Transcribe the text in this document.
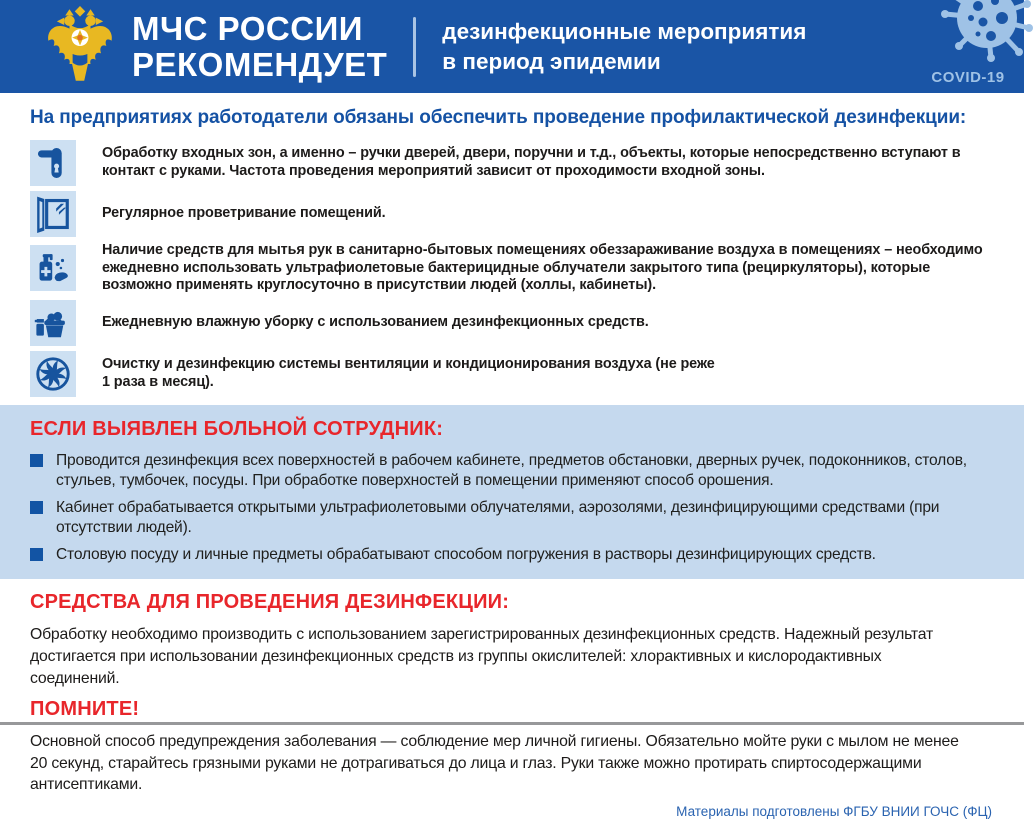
МЧС РОССИИ
РЕКОМЕНДУЕТ
дезинфекционные мероприятия
в период эпидемии
COVID-19
На предприятиях работодатели обязаны обеспечить проведение профилактической дезинфекции:
Обработку входных зон, а именно – ручки дверей, двери, поручни и т.д., объекты, которые непосредственно вступают в контакт с руками. Частота проведения мероприятий зависит от проходимости входной зоны.
Регулярное проветривание помещений.
Наличие средств для мытья рук в санитарно-бытовых помещениях обеззараживание воздуха в помещениях – необходимо ежедневно использовать ультрафиолетовые бактерицидные облучатели закрытого типа (рециркуляторы), которые возможно применять круглосуточно в присутствии людей (холлы, кабинеты).
Ежедневную влажную уборку с использованием дезинфекционных средств.
Очистку и дезинфекцию системы вентиляции и кондиционирования воздуха (не реже 1 раза в месяц).
ЕСЛИ ВЫЯВЛЕН БОЛЬНОЙ СОТРУДНИК:
Проводится дезинфекция всех поверхностей в рабочем кабинете, предметов обстановки, дверных ручек, подоконников, столов, стульев, тумбочек, посуды. При обработке поверхностей в помещении применяют способ орошения.
Кабинет обрабатывается открытыми ультрафиолетовыми облучателями, аэрозолями, дезинфицирующими средствами (при отсутствии людей).
Столовую посуду и личные предметы обрабатывают способом погружения в растворы дезинфицирующих средств.
СРЕДСТВА ДЛЯ ПРОВЕДЕНИЯ ДЕЗИНФЕКЦИИ:
Обработку необходимо производить с использованием зарегистрированных дезинфекционных средств. Надежный результат достигается при использовании дезинфекционных средств из группы окислителей: хлорактивных и кислородактивных соединений.
ПОМНИТЕ!
Основной способ предупреждения заболевания — соблюдение мер личной гигиены. Обязательно мойте руки с мылом не менее 20 секунд, старайтесь грязными руками не дотрагиваться до лица и глаз. Руки также можно протирать спиртосодержащими антисептиками.
Материалы подготовлены ФГБУ ВНИИ ГОЧС (ФЦ)
